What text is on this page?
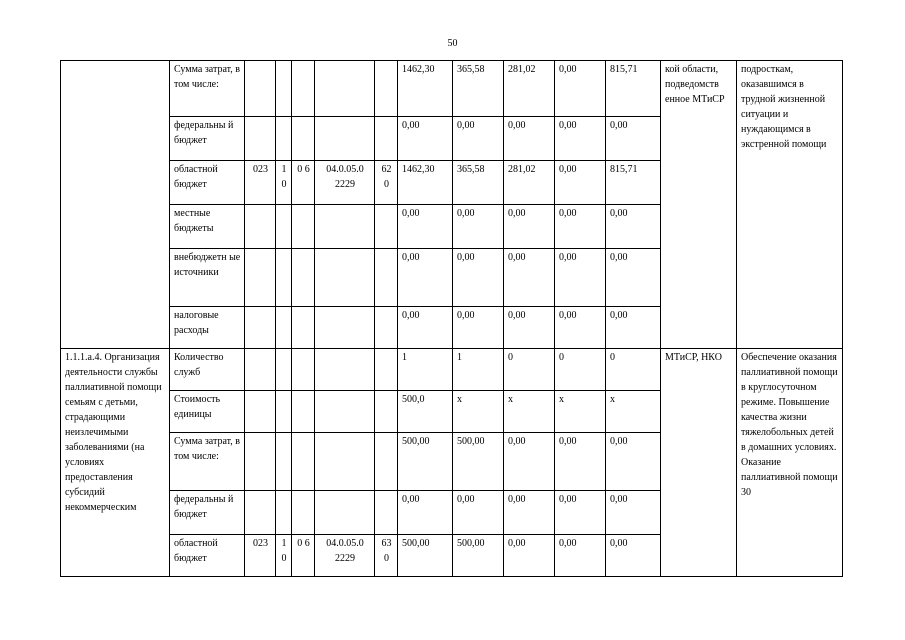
50
	Сумма затрат, в том числе:						1462,30	365,58	281,02	0,00	815,71	кой области, подведомств енное МТиСР	подросткам, оказавшимся в трудной жизненной ситуации и нуждающимся в экстренной помощи
	федеральны й бюджет						0,00	0,00	0,00	0,00	0,00		
	областной бюджет	023	1 0	0 6	04.0.05.0 2229	62 0	1462,30	365,58	281,02	0,00	815,71		
	местные бюджеты						0,00	0,00	0,00	0,00	0,00		
	внебюджетн ые источники						0,00	0,00	0,00	0,00	0,00		
	налоговые расходы						0,00	0,00	0,00	0,00	0,00		
1.1.1.а.4. Организация деятельности службы паллиативной помощи семьям с детьми, страдающими неизлечимыми заболеваниями (на условиях предоставления субсидий некоммерческим	Количество служб						1	1	0	0	0	МТиСР, НКО	Обеспечение оказания паллиативной помощи в круглосуточном режиме. Повышение качества жизни тяжелобольных детей в домашних условиях. Оказание паллиативной помощи 30
	Стоимость единицы						500,0	х	х	х	х		
	Сумма затрат, в том числе:						500,00	500,00	0,00	0,00	0,00		
	федеральны й бюджет						0,00	0,00	0,00	0,00	0,00		
	областной бюджет	023	1 0	0 6	04.0.05.0 2229	63 0	500,00	500,00	0,00	0,00	0,00		
